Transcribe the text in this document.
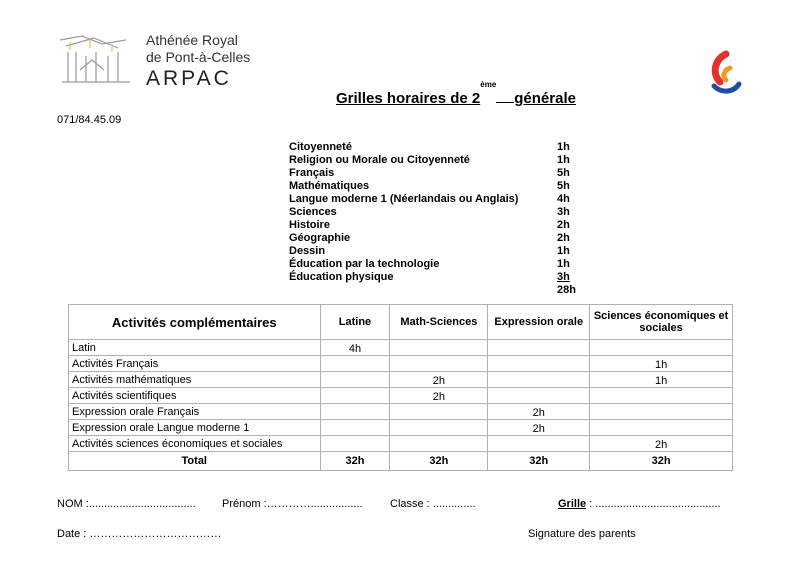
Athénée Royal
de Pont-à-Celles
ARPAC
Grilles horaires de 2èmegénérale
071/84.45.09
Citoyenneté	1h
Religion ou Morale ou Citoyenneté	1h
Français	5h
Mathématiques	5h
Langue moderne 1 (Néerlandais ou Anglais)	4h
Sciences	3h
Histoire	2h
Géographie	2h
Dessin	1h
Éducation par la technologie	1h
Éducation physique	3h
28h
Activités complémentaires	Latine	Math-Sciences	Expression orale	Sciences économiques et sociales
Latin	4h			
Activités Français				1h
Activités mathématiques		2h		1h
Activités scientifiques		2h		
Expression orale Français			2h	
Expression orale Langue moderne 1			2h	
Activités sciences économiques et sociales				2h
Total	32h	32h	32h	32h
NOM :................................... Prénom :…………................. Classe : ..............	Grille : .........................................
Date : ………………………………	Signature des parents
